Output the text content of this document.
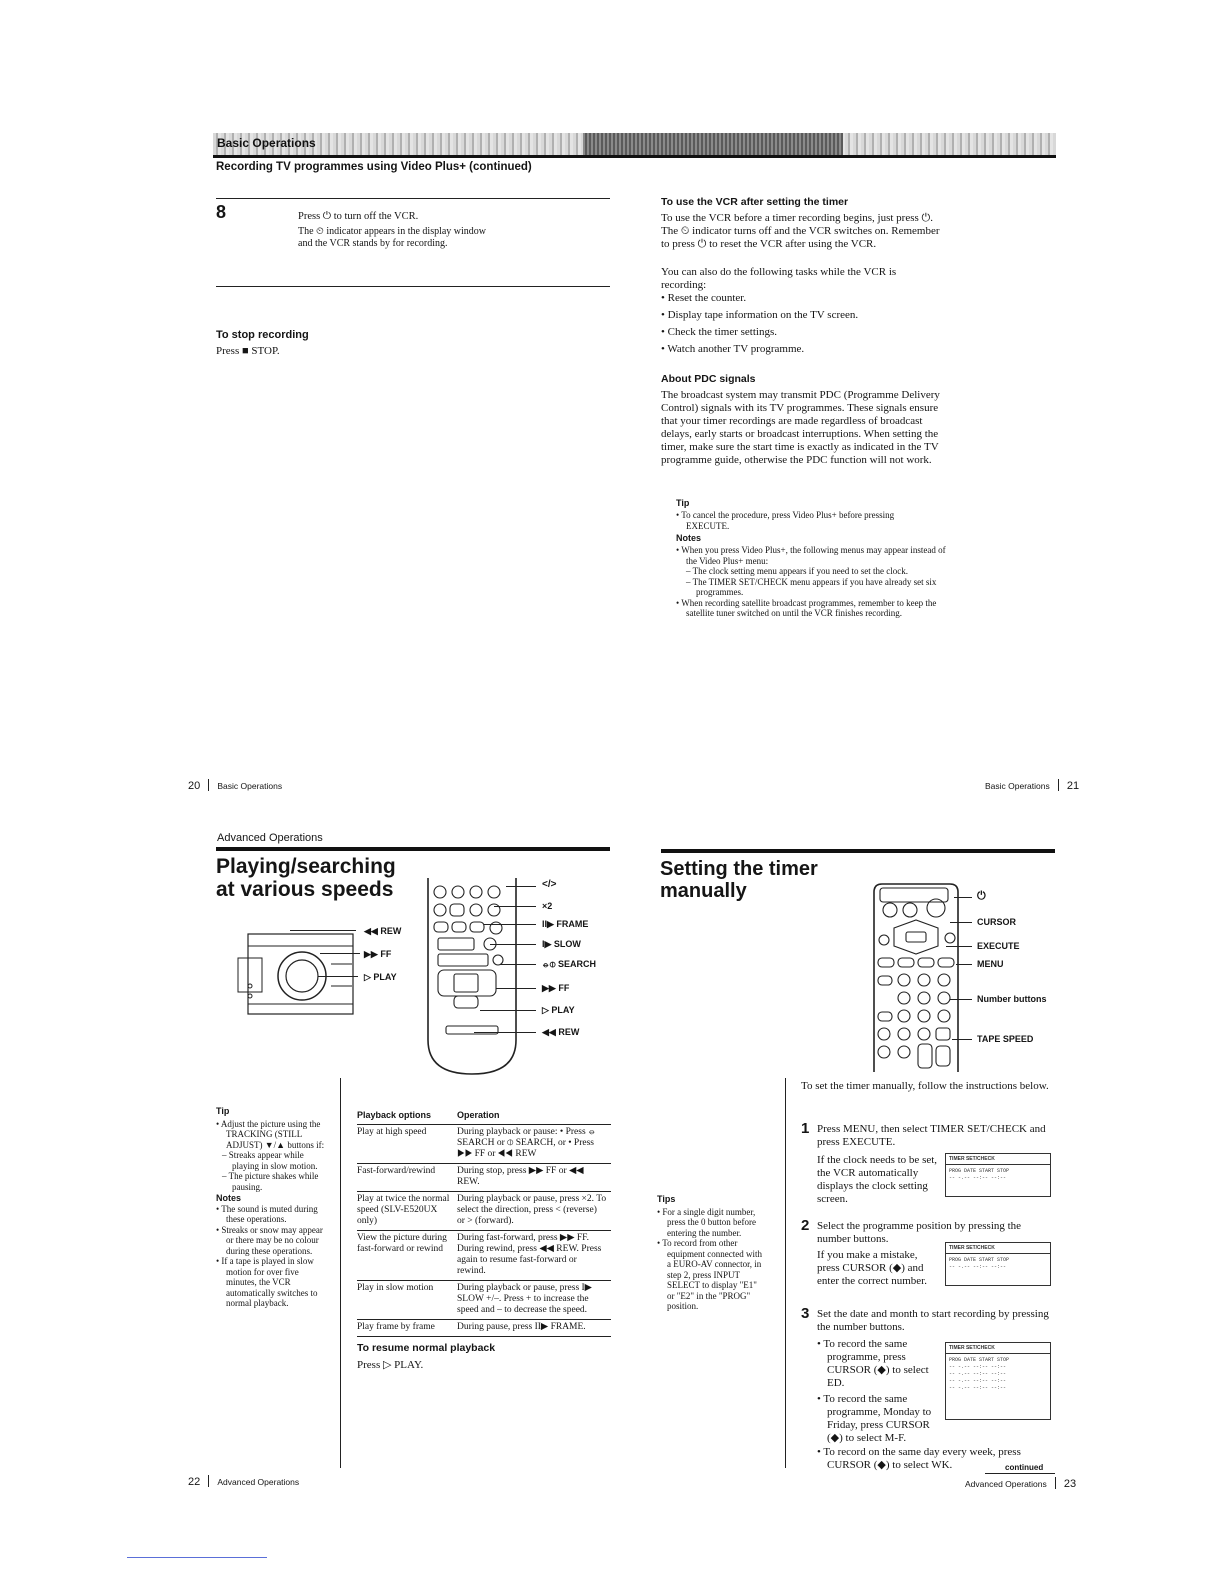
Basic Operations
Recording TV programmes using Video Plus+ (continued)
8	Press ⏻ to turn off the VCR.
The ⏲ indicator appears in the display window and the VCR stands by for recording.
To stop recording
Press ■ STOP.
To use the VCR after setting the timer
To use the VCR before a timer recording begins, just press ⏻. The ⏲ indicator turns off and the VCR switches on. Remember to press ⏻ to reset the VCR after using the VCR.
You can also do the following tasks while the VCR is recording:

• Reset the counter.

• Display tape information on the TV screen.

• Check the timer settings.

• Watch another TV programme.

About PDC signals
The broadcast system may transmit PDC (Programme Delivery Control) signals with its TV programmes. These signals ensure that your timer recordings are made regardless of broadcast delays, early starts or broadcast interruptions. When setting the timer, make sure the start time is exactly as indicated in the TV programme guide, otherwise the PDC function will not work.
Tip

• To cancel the procedure, press Video Plus+ before pressing EXECUTE.

Notes

• When you press Video Plus+, the following menus may appear instead of the Video Plus+ menu:

– The clock setting menu appears if you need to set the clock.

– The TIMER SET/CHECK menu appears if you have already set six programmes.

• When recording satellite broadcast programmes, remember to keep the satellite tuner switched on until the VCR finishes recording.

20 Basic Operations	Basic Operations 21
Advanced Operations
Playing/searching
at various speeds
◀◀ REW
▶▶ FF
▷ PLAY
</>
×2
II▶ FRAME
I▶ SLOW
⦵⦶ SEARCH
▶▶ FF
▷ PLAY
◀◀ REW
Tip

• Adjust the picture using the TRACKING (STILL ADJUST) ▼/▲ buttons if:

– Streaks appear while playing in slow motion.

– The picture shakes while pausing.

Notes

• The sound is muted during these operations.

• Streaks or snow may appear or there may be no colour during these operations.

• If a tape is played in slow motion for over five minutes, the VCR automatically switches to normal playback.

Playback options	Operation
Play at high speed	During playback or pause: • Press ⦵ SEARCH or ⦶ SEARCH, or • Press ▶▶ FF or ◀◀ REW
Fast-forward/rewind	During stop, press ▶▶ FF or ◀◀ REW.
Play at twice the normal speed (SLV-E520UX only)	During playback or pause, press ×2. To select the direction, press < (reverse) or > (forward).
View the picture during fast-forward or rewind	During fast-forward, press ▶▶ FF. During rewind, press ◀◀ REW. Press again to resume fast-forward or rewind.
Play in slow motion	During playback or pause, press I▶ SLOW +/–. Press + to increase the speed and – to decrease the speed.
Play frame by frame	During pause, press II▶ FRAME.
To resume normal playback
Press ▷ PLAY.
22 Advanced Operations
Setting the timer
manually	⏻
CURSOR
EXECUTE
MENU
Number buttons
TAPE SPEED
To set the timer manually, follow the instructions below.
Tips

• For a single digit number, press the 0 button before entering the number.

• To record from other equipment connected with a EURO-AV connector, in step 2, press INPUT SELECT to display "E1" or "E2" in the "PROG" position.

1 Press MENU, then select TIMER SET/CHECK and press EXECUTE.
If the clock needs to be set, the VCR automatically displays the clock setting screen.
TIMER SET/CHECK
PROG DATE START STOP
-- -.-- --:-- --:--
2 Select the programme position by pressing the number buttons.
If you make a mistake, press CURSOR (◆) and enter the correct number.
TIMER SET/CHECK
PROG DATE START STOP
-- -.-- --:-- --:--
3 Set the date and month to start recording by pressing the number buttons.
TIMER SET/CHECK
PROG DATE START STOP
-- -.-- --:-- --:--
-- -.-- --:-- --:--
-- -.-- --:-- --:--
-- -.-- --:-- --:--

• To record the same programme, press CURSOR (◆) to select ED.

• To record the same programme, Monday to Friday, press CURSOR (◆) to select M-F.

• To record on the same day every week, press CURSOR (◆) to select WK.	continued
Advanced Operations 23
